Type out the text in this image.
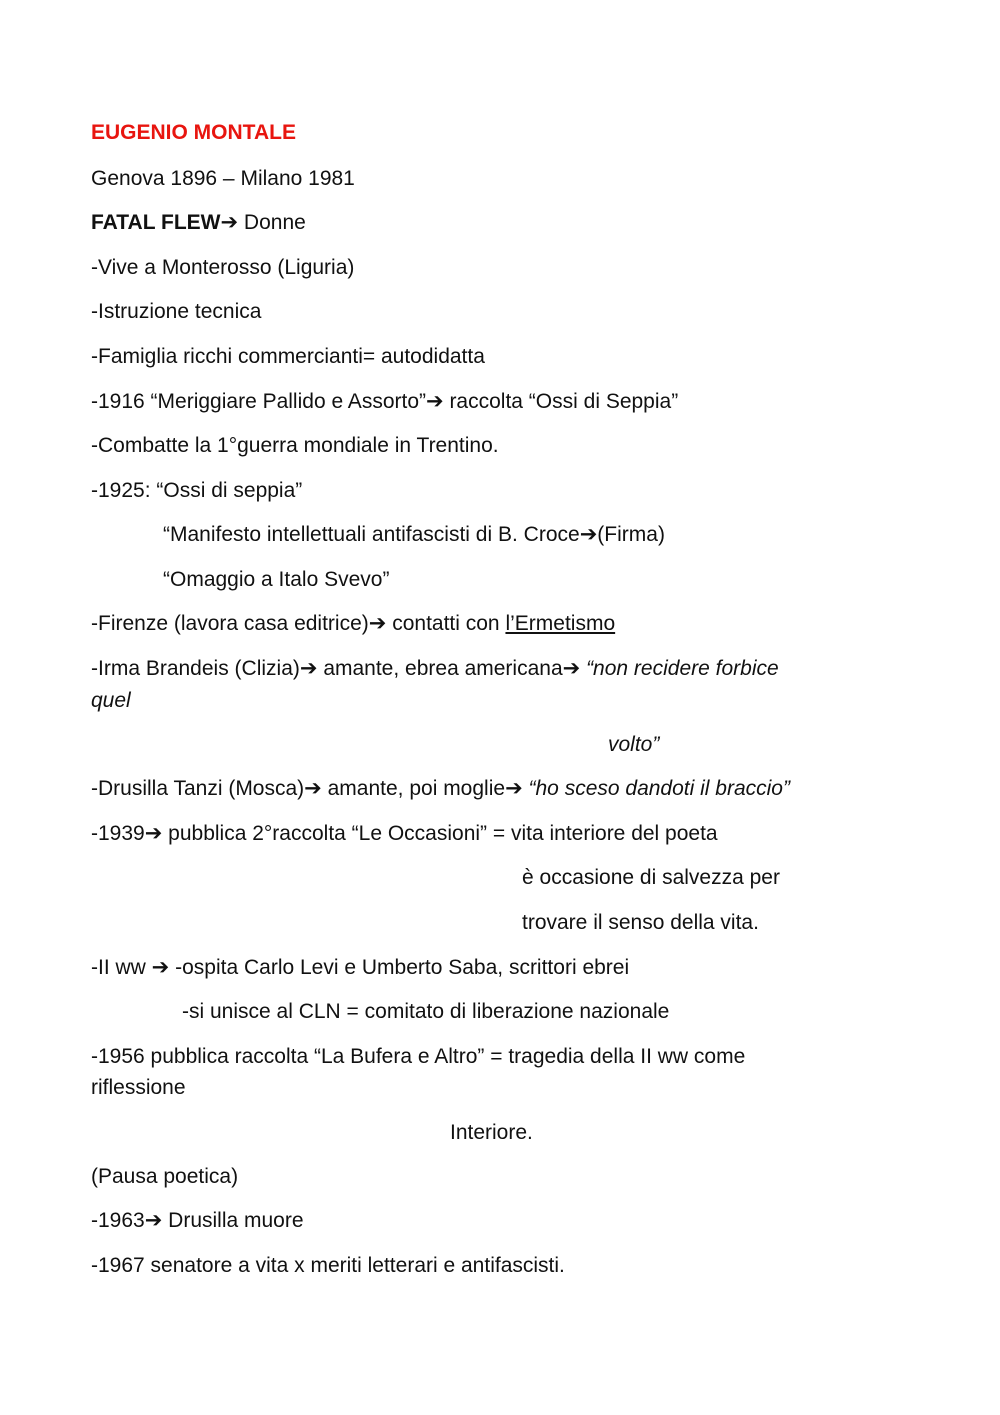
EUGENIO MONTALE
Genova 1896 – Milano 1981
FATAL FLEW➔ Donne
-Vive a Monterosso (Liguria)
-Istruzione tecnica
-Famiglia ricchi commercianti= autodidatta
-1916 “Meriggiare Pallido e Assorto”➔ raccolta “Ossi di Seppia”
-Combatte la 1°guerra mondiale in Trentino.
-1925: “Ossi di seppia”
“Manifesto intellettuali antifascisti di B. Croce➔(Firma)
“Omaggio a Italo Svevo”
-Firenze (lavora casa editrice)➔ contatti con l’Ermetismo
-Irma Brandeis (Clizia)➔ amante, ebrea americana➔ “non recidere forbice
quel
volto”
-Drusilla Tanzi (Mosca)➔ amante, poi moglie➔ “ho sceso dandoti il braccio”
-1939➔ pubblica 2°raccolta “Le Occasioni” = vita interiore del poeta
è occasione di salvezza per
trovare il senso della vita.
-II ww ➔ -ospita Carlo Levi e Umberto Saba, scrittori ebrei
-si unisce al CLN = comitato di liberazione nazionale
-1956 pubblica raccolta “La Bufera e Altro” = tragedia della II ww come
riflessione
Interiore.
(Pausa poetica)
-1963➔ Drusilla muore
-1967 senatore a vita x meriti letterari e antifascisti.
